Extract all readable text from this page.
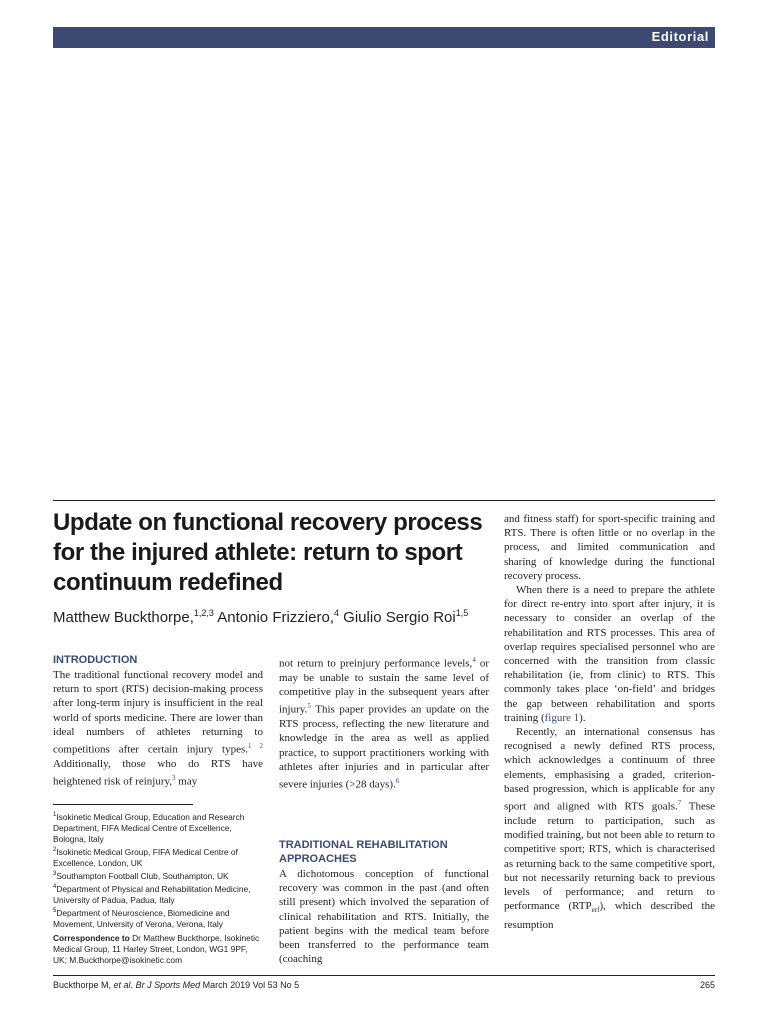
Editorial
Update on functional recovery process for the injured athlete: return to sport continuum redefined
Matthew Buckthorpe,$^{1,2,3}$ Antonio Frizziero,$^4$ Giulio Sergio Roi$^{1,5}$
INTRODUCTION

The traditional functional recovery model and return to sport (RTS) decision-making process after long-term injury is insufficient in the real world of sports medicine. There are lower than ideal numbers of athletes returning to competitions after certain injury types.$^{1 2}$ Additionally, those who do RTS have heightened risk of reinjury,$^3$ may

not return to preinjury performance levels,$^4$ or may be unable to sustain the same level of competitive play in the subsequent years after injury.$^5$ This paper provides an update on the RTS process, reflecting the new literature and knowledge in the area as well as applied practice, to support practitioners working with athletes after injuries and in particular after severe injuries (>28 days).$^6$

TRADITIONAL REHABILITATION
APPROACHES

A dichotomous conception of functional recovery was common in the past (and often still present) which involved the separation of clinical rehabilitation and RTS. Initially, the patient begins with the medical team before been transferred to the performance team (coaching

and fitness staff) for sport-specific training and RTS. There is often little or no overlap in the process, and limited communication and sharing of knowledge during the functional recovery process.

When there is a need to prepare the athlete for direct re-entry into sport after injury, it is necessary to consider an overlap of the rehabilitation and RTS processes. This area of overlap requires specialised personnel who are concerned with the transition from classic rehabilitation (ie, from clinic) to RTS. This commonly takes place ‘on-field’ and bridges the gap between rehabilitation and sports training (figure 1).

Recently, an international consensus has recognised a newly defined RTS process, which acknowledges a continuum of three elements, emphasising a graded, criterion-based progression, which is applicable for any sport and aligned with RTS goals.$^7$ These include return to participation, such as modified training, but not been able to return to competitive sport; RTS, which is characterised as returning back to the same competitive sport, but not necessarily returning back to previous levels of performance; and return to performance $(RTP_{erf})$, which described the resumption

$^1$Isokinetic Medical Group, Education and Research Department, FIFA Medical Centre of Excellence, Bologna, Italy

$^2$Isokinetic Medical Group, FIFA Medical Centre of Excellence, London, UK

$^3$Southampton Football Club, Southampton, UK

$^4$Department of Physical and Rehabilitation Medicine, University of Padua, Padua, Italy

$^5$Department of Neuroscience, Biomedicine and Movement, University of Verona, Verona, Italy

Correspondence to Dr Matthew Buckthorpe, Isokinetic Medical Group, 11 Harley Street, London, WG1 9PF, UK; M.Buckthorpe@isokinetic.com
Buckthorpe M, et al. Br J Sports Med March 2019 Vol 53 No 5	265
